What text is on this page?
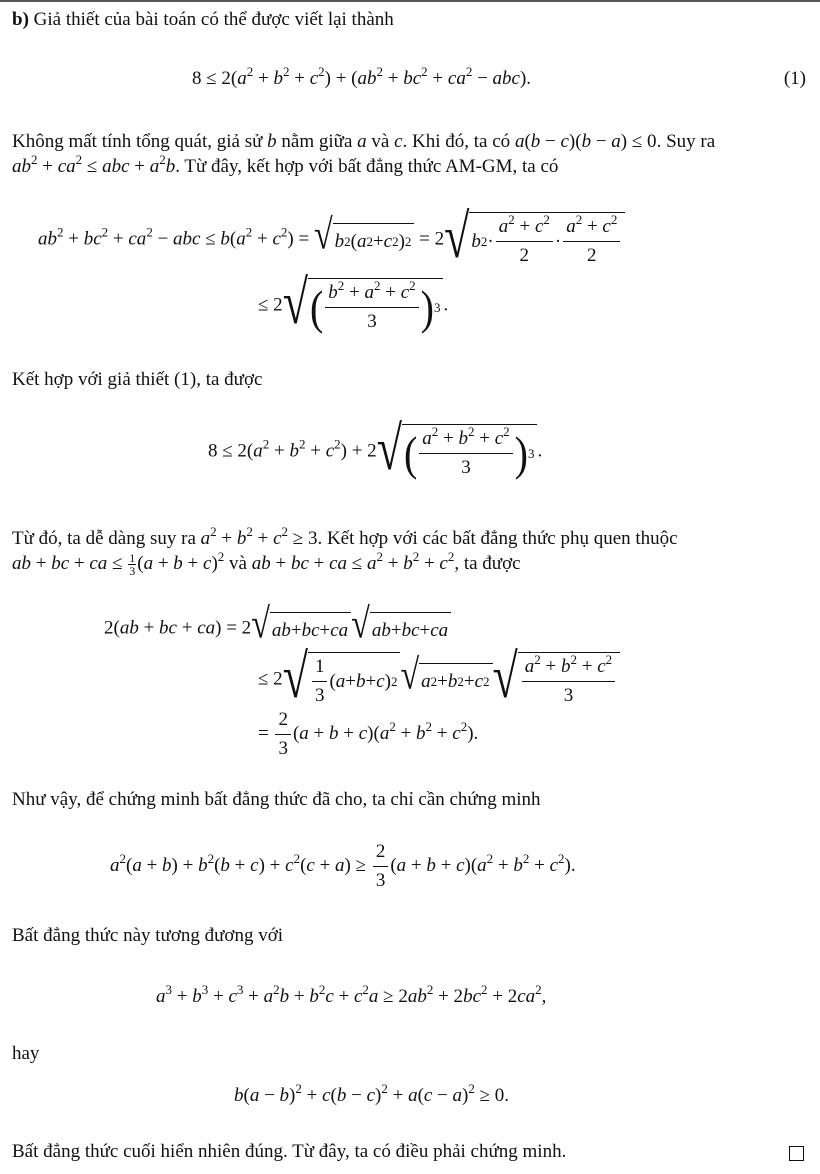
b) Giả thiết của bài toán có thể được viết lại thành
$8 \le 2(a^2 + b^2 + c^2) + (ab^2 + bc^2 + ca^2 - abc)$.	(1)
Không mất tính tổng quát, giả sử b nằm giữa a và c. Khi đó, ta có a(b − c)(b − a) ≤ 0. Suy ra
$ab^2 + ca^2$ ≤ abc + $a^2b$. Từ đây, kết hợp với bất đẳng thức AM-GM, ta có
$ab^2 + bc^2 + ca^2$ − abc ≤ $b(a^2 + c^2)$ = √ b 2 ( a 2 + c 2 ) 2 = 2 √ b $2 \cdot \frac{a^2 + c^2}{2} \cdot \frac{a^2 + c^2}{2}$
≤ 2 √ ( $\frac{b^2 + a^2 + c^2}{3}$ ) 3 .
Kết hợp với giả thiết (1), ta được
$8 \le 2(a^2 + b^2 + c^2) + 2$ √ ( $\frac{a^2 + b^2 + c^2}{3}$ ) 3 .
Từ đó, ta dễ dàng suy ra $a^2 + b^2 + c^2 \ge 3$. Kết hợp với các bất đẳng thức phụ quen thuộc
ab + bc + ca ≤ $\frac{1}{3} (a + b + c)^2$ và ab + bc + ca ≤ $a^2 + b^2 + c^2$, ta được
2(ab + bc + ca) = 2 √ ab + bc + ca √ ab + bc + ca
≤ 2 √ $\frac{1}{3}$ ( a + b + c ) 2 √ a 2 + b 2 + c 2 √ $\frac{a^2 + b^2 + c^2}{3}$
= $\frac{2}{3} (a + b + c)(a^2 + b^2 + c^2)$.
Như vậy, để chứng minh bất đẳng thức đã cho, ta chỉ cần chứng minh
$a^2(a + b) + b^2(b + c) + c^2(c + a) \ge \frac{2}{3} (a + b + c)(a^2 + b^2 + c^2)$.
Bất đẳng thức này tương đương với
$a^3 + b^3 + c^3 + a^2b + b^2c + c^2a \ge 2ab^2 + 2bc^2 + 2ca^2$,
hay
$b(a - b)^2 + c(b - c)^2 + a(c - a)^2 \ge 0$.
Bất đẳng thức cuối hiển nhiên đúng. Từ đây, ta có điều phải chứng minh.
